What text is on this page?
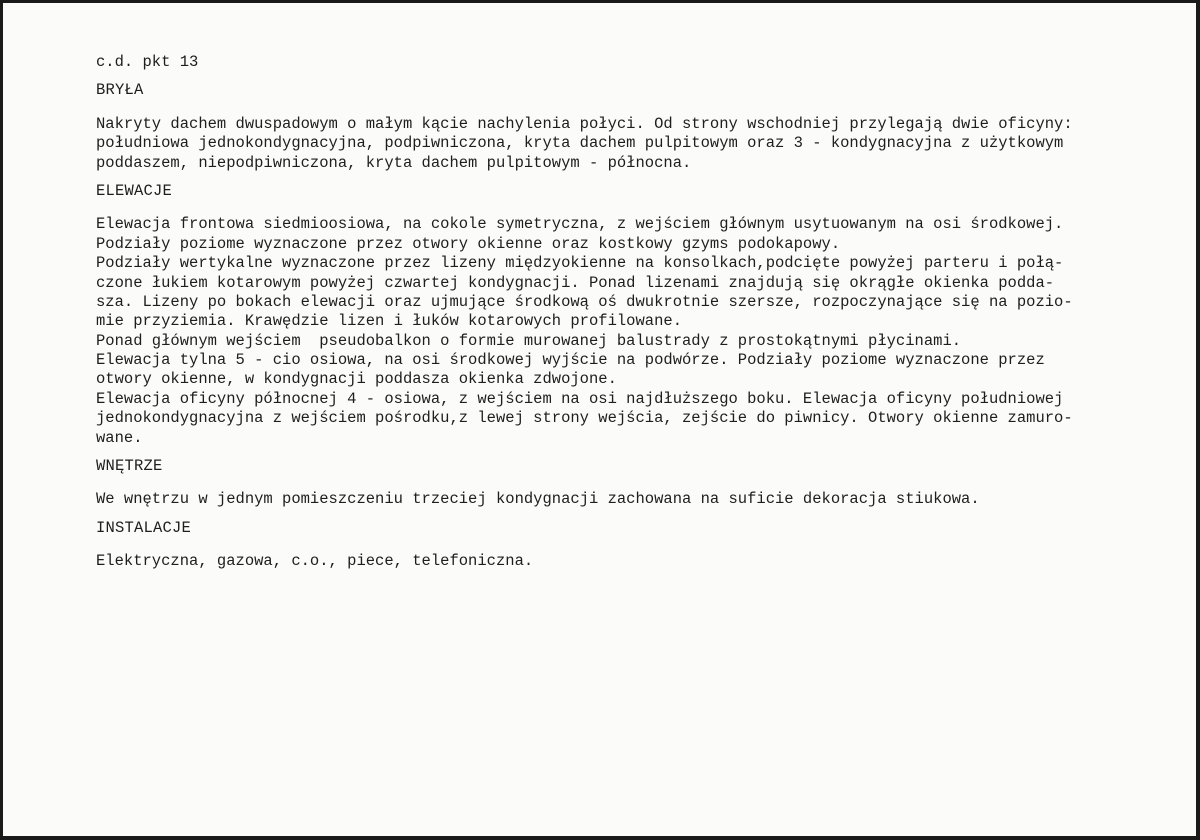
c.d. pkt 13
BRYŁA
Nakryty dachem dwuspadowym o małym kącie nachylenia połyci. Od strony wschodniej przylegają dwie oficyny:
południowa jednokondygnacyjna, podpiwniczona, kryta dachem pulpitowym oraz 3 - kondygnacyjna z użytkowym
poddaszem, niepodpiwniczona, kryta dachem pulpitowym - północna.
ELEWACJE
Elewacja frontowa siedmioosiowa, na cokole symetryczna, z wejściem głównym usytuowanym na osi środkowej.
Podziały poziome wyznaczone przez otwory okienne oraz kostkowy gzyms podokapowy.
Podziały wertykalne wyznaczone przez lizeny międzyokienne na konsolkach,podcięte powyżej parteru i połą-
czone łukiem kotarowym powyżej czwartej kondygnacji. Ponad lizenami znajdują się okrągłe okienka podda-
sza. Lizeny po bokach elewacji oraz ujmujące środkową oś dwukrotnie szersze, rozpoczynające się na pozio-
mie przyziemia. Krawędzie lizen i łuków kotarowych profilowane.
Ponad głównym wejściem  pseudobalkon o formie murowanej balustrady z prostokątnymi płycinami.
Elewacja tylna 5 - cio osiowa, na osi środkowej wyjście na podwórze. Podziały poziome wyznaczone przez
otwory okienne, w kondygnacji poddasza okienka zdwojone.
Elewacja oficyny północnej 4 - osiowa, z wejściem na osi najdłuższego boku. Elewacja oficyny południowej
jednokondygnacyjna z wejściem pośrodku,z lewej strony wejścia, zejście do piwnicy. Otwory okienne zamuro-
wane.
WNĘTRZE
We wnętrzu w jednym pomieszczeniu trzeciej kondygnacji zachowana na suficie dekoracja stiukowa.
INSTALACJE
Elektryczna, gazowa, c.o., piece, telefoniczna.
